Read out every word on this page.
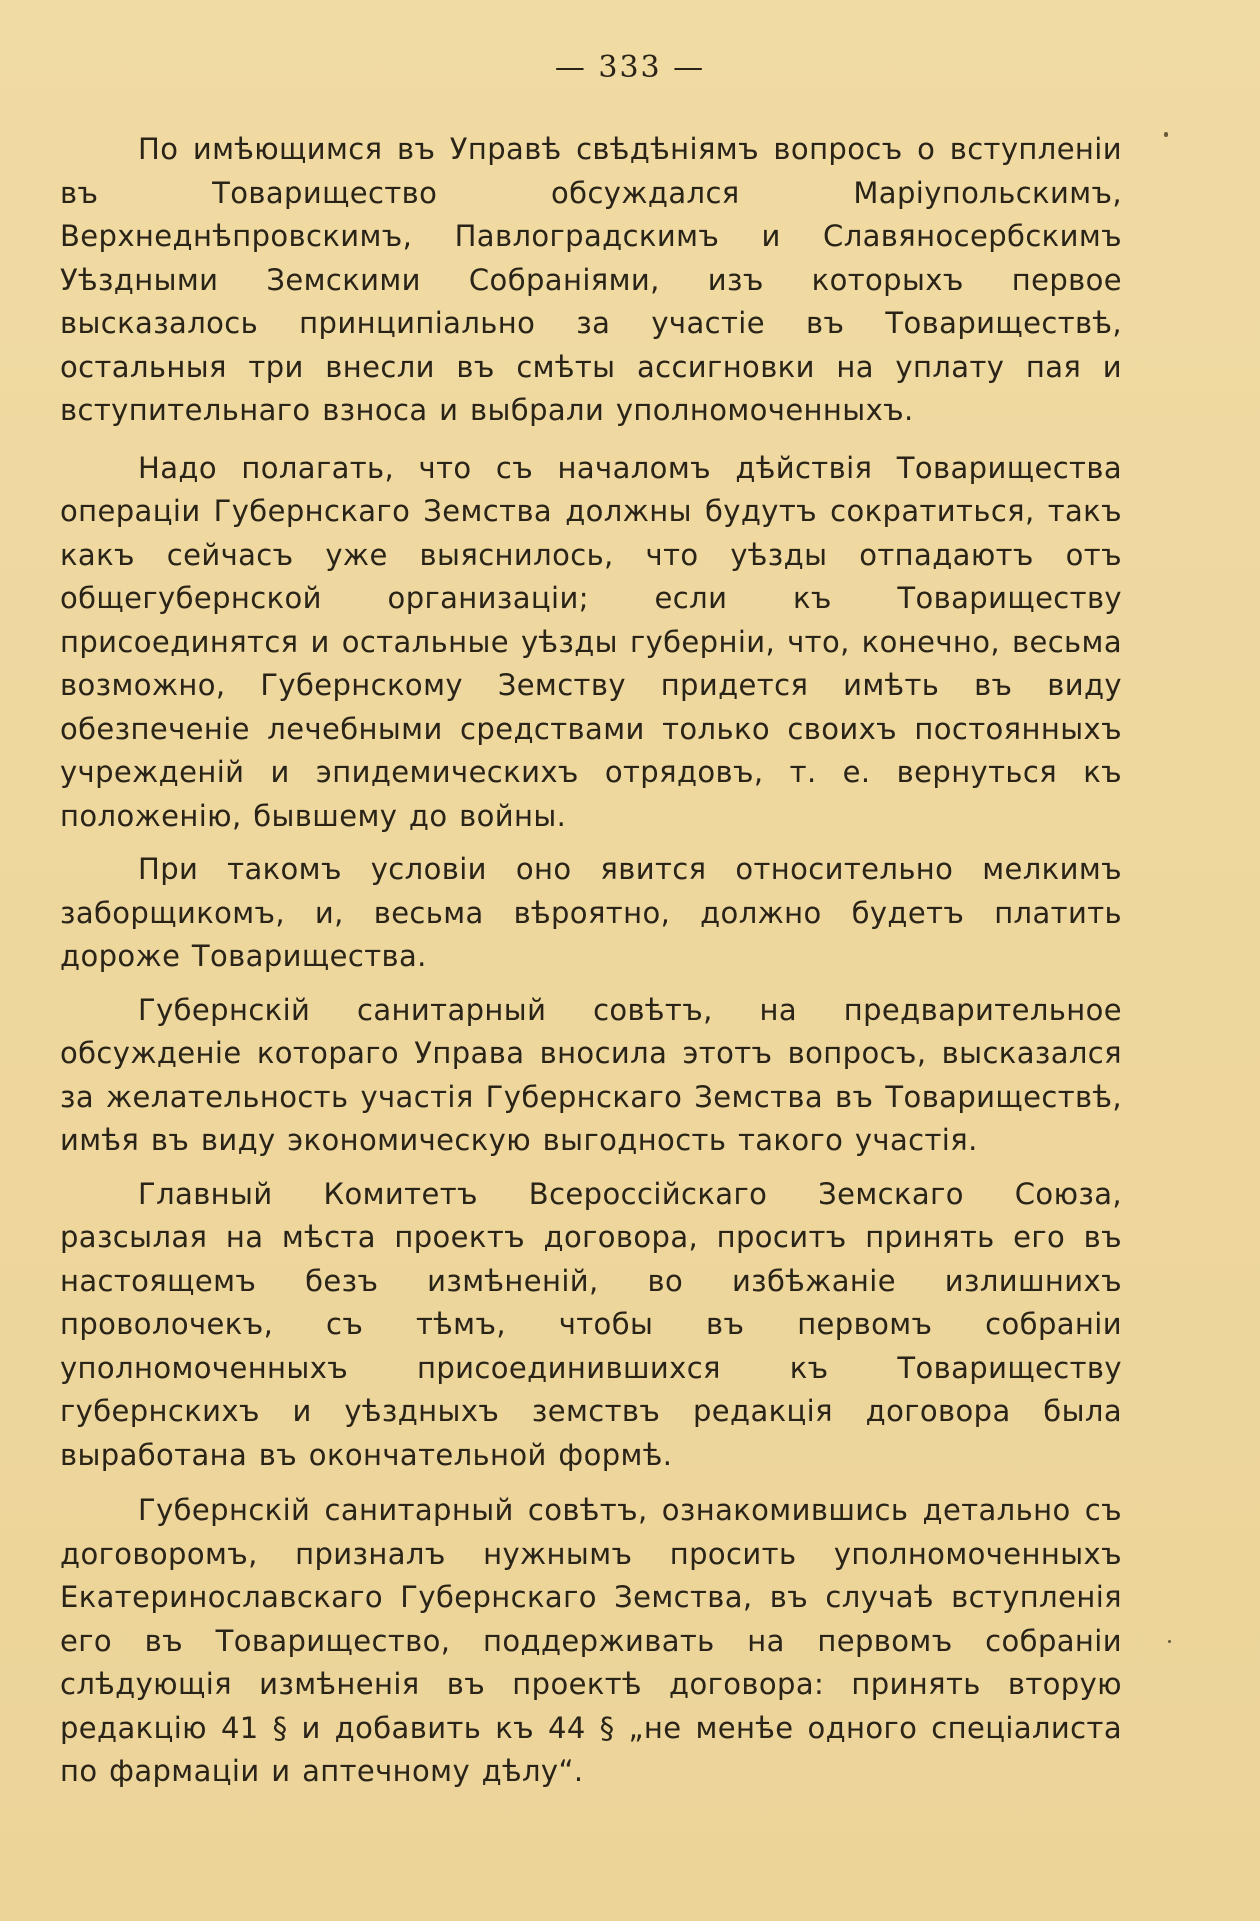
— 333 —

По имѣющимся въ Управѣ свѣдѣніямъ вопросъ о вступленіи въ Товарищество обсуждался Маріупольскимъ, Верхнеднѣпровскимъ, Павлоградскимъ и Славяносербскимъ Уѣздными Земскими Собраніями, изъ которыхъ первое высказалось принципіально за участіе въ Товариществѣ, остальныя три внесли въ смѣты ассигновки на уплату пая и вступительнаго взноса и выбрали уполномоченныхъ.

Надо полагать, что съ началомъ дѣйствія Товарищества операціи Губернскаго Земства должны будутъ сократиться, такъ какъ сейчасъ уже выяснилось, что уѣзды отпадаютъ отъ общегубернской организаціи; если къ Товариществу присоединятся и остальные уѣзды губерніи, что, конечно, весьма возможно, Губернскому Земству придется имѣть въ виду обезпеченіе лечебными средствами только своихъ постоянныхъ учрежденій и эпидемическихъ отрядовъ, т. е. вернуться къ положенію, бывшему до войны.

При такомъ условіи оно явится относительно мелкимъ заборщикомъ, и, весьма вѣроятно, должно будетъ платить дороже Товарищества.

Губернскій санитарный совѣтъ, на предварительное обсужденіе котораго Управа вносила этотъ вопросъ, высказался за желательность участія Губернскаго Земства въ Товариществѣ, имѣя въ виду экономическую выгодность такого участія.

Главный Комитетъ Всероссійскаго Земскаго Союза, разсылая на мѣста проектъ договора, проситъ принять его въ настоящемъ безъ измѣненій, во избѣжаніе излишнихъ проволочекъ, съ тѣмъ, чтобы въ первомъ собраніи уполномоченныхъ присоединившихся къ Товариществу губернскихъ и уѣздныхъ земствъ редакція договора была выработана въ окончательной формѣ.

Губернскій санитарный совѣтъ, ознакомившись детально съ договоромъ, призналъ нужнымъ просить уполномоченныхъ Екатеринославскаго Губернскаго Земства, въ случаѣ вступленія его въ Товарищество, поддерживать на первомъ собраніи слѣдующія измѣненія въ проектѣ договора: принять вторую редакцію 41 § и добавить къ 44 § „не менѣе одного спеціалиста по фармаціи и аптечному дѣлу“.
